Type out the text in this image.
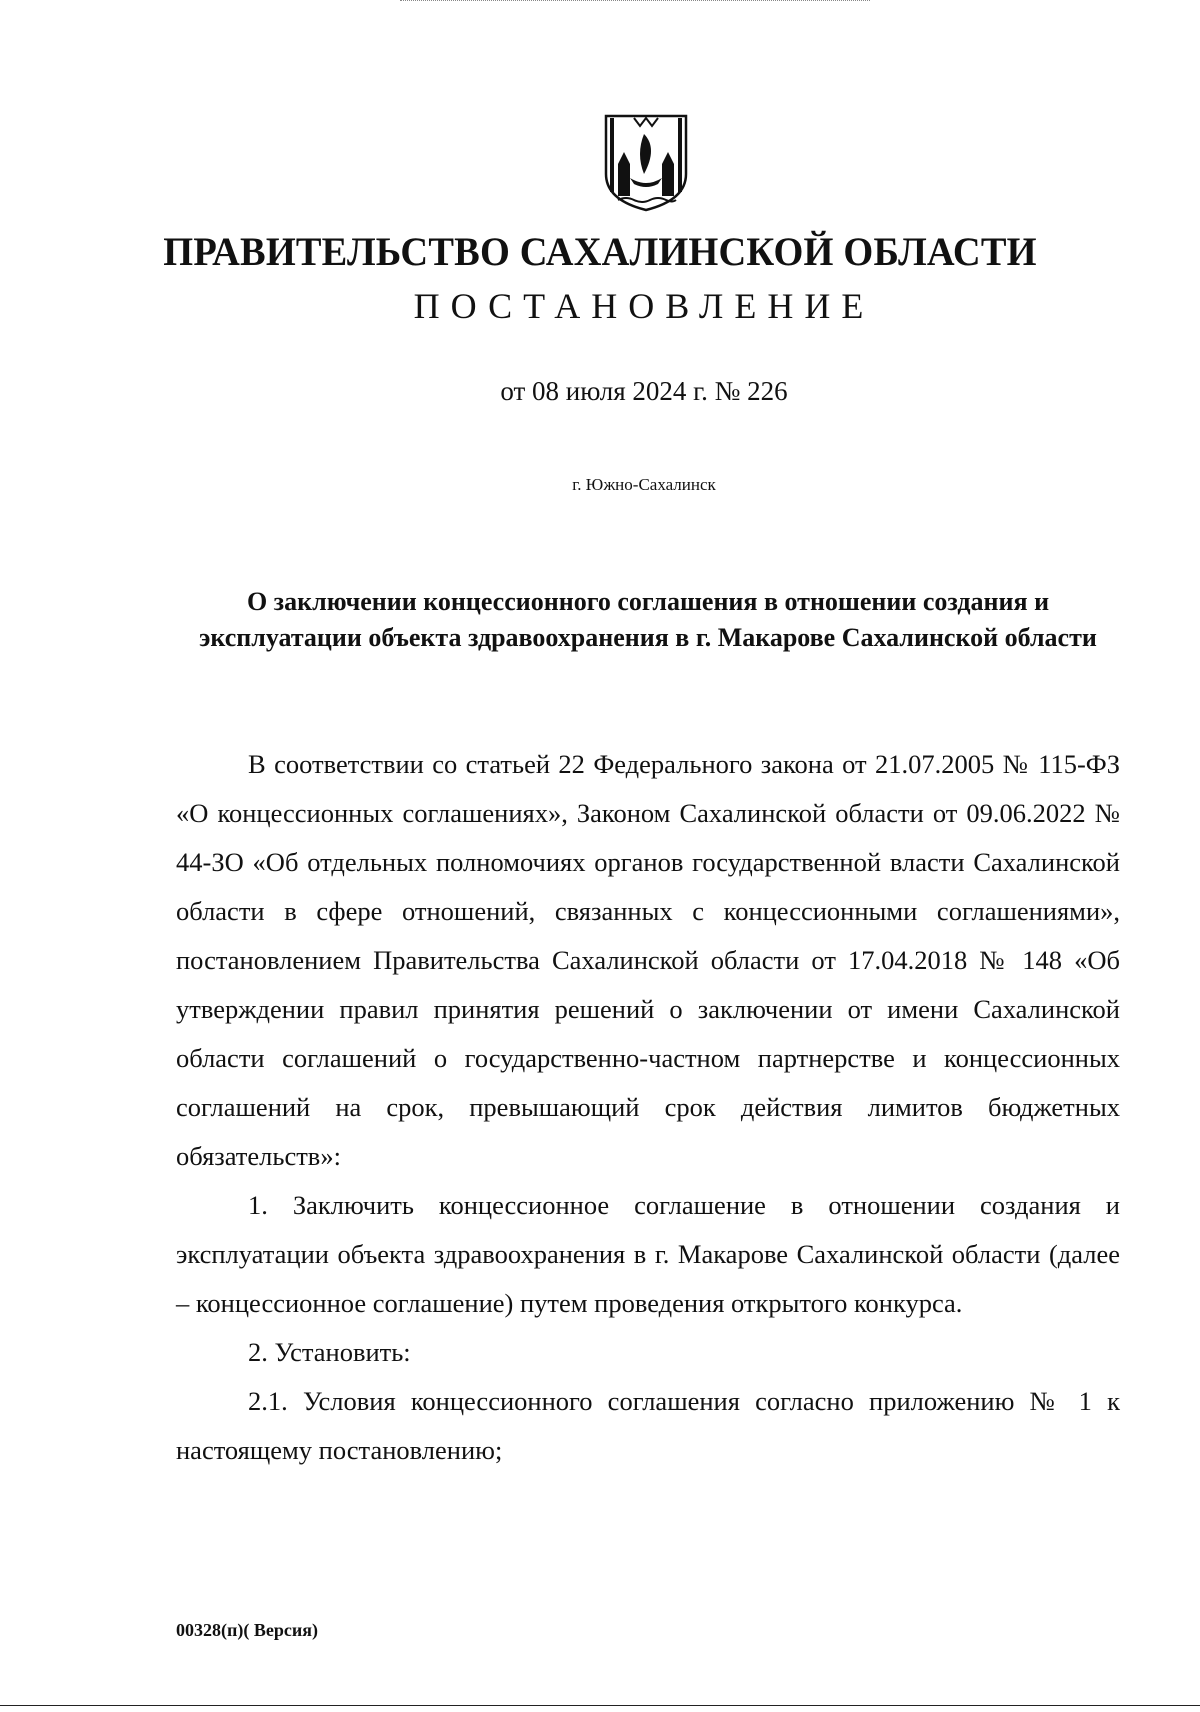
ПРАВИТЕЛЬСТВО САХАЛИНСКОЙ ОБЛАСТИ
ПОСТАНОВЛЕНИЕ
от 08 июля 2024 г. № 226
г. Южно-Сахалинск
О заключении концессионного соглашения в отношении создания и эксплуатации объекта здравоохранения в г. Макарове Сахалинской области

В соответствии со статьей 22 Федерального закона от 21.07.2005 № 115-ФЗ «О концессионных соглашениях», Законом Сахалинской области от 09.06.2022 № 44-ЗО «Об отдельных полномочиях органов государственной власти Сахалинской области в сфере отношений, связанных с концессионными соглашениями», постановлением Правительства Сахалинской области от 17.04.2018 № 148 «Об утверждении правил принятия решений о заключении от имени Сахалинской области соглашений о государственно-частном партнерстве и концессионных соглашений на срок, превышающий срок действия лимитов бюджетных обязательств»:

1. Заключить концессионное соглашение в отношении создания и эксплуатации объекта здравоохранения в г. Макарове Сахалинской области (далее – концессионное соглашение) путем проведения открытого конкурса.

2. Установить:

2.1. Условия концессионного соглашения согласно приложению № 1 к настоящему постановлению;

00328(п)( Версия)
